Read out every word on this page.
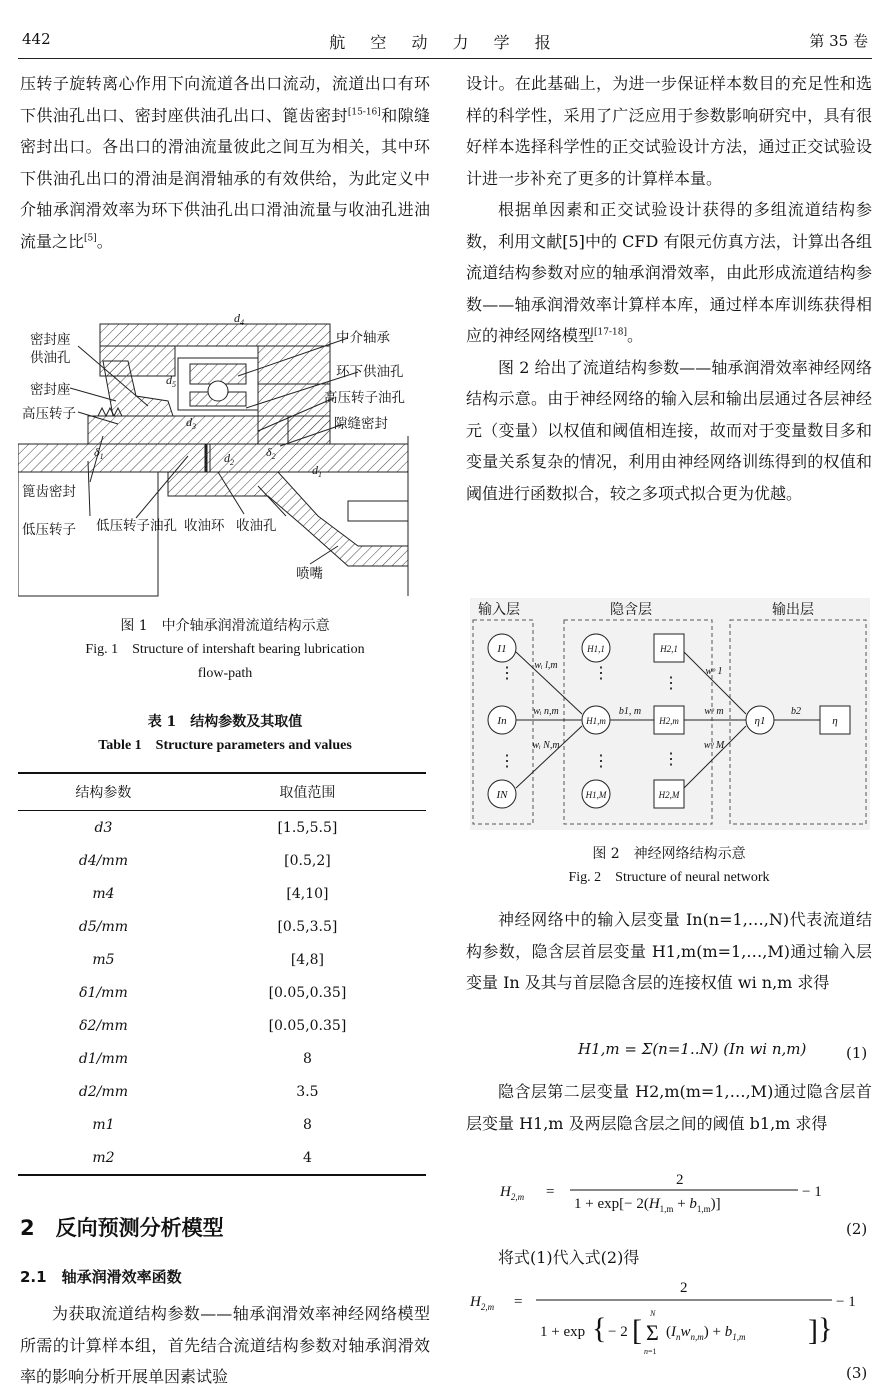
442	航 空 动 力 学 报	第 35 卷

压转子旋转离心作用下向流道各出口流动，流道出口有环下供油孔出口、密封座供油孔出口、篦齿密封[15-16]和隙缝密封出口。各出口的滑油流量彼此之间互为相关，其中环下供油孔出口的滑油是润滑轴承的有效供给，为此定义中介轴承润滑效率为环下供油孔出口滑油流量与收油孔进油流量之比[5]。

密封座
供油孔
密封座
高压转子
篦齿密封
低压转子
中介轴承
环下供油孔
高压转子油孔
隙缝密封
低压转子油孔 收油环 收油孔
喷嘴
$d_4$
$d_5$
$d_3$
$d_2$
$d_1$
$\delta_1$	$\delta_2$
图 1　中介轴承润滑流道结构示意
Fig. 1　Structure of intershaft bearing lubrication
flow-path
表 1　结构参数及其取值
Table 1　Structure parameters and values
结构参数	取值范围
d3	[1.5,5.5]
d4/mm	[0.5,2]
m4	[4,10]
d5/mm	[0.5,3.5]
m5	[4,8]
δ1/mm	[0.05,0.35]
δ2/mm	[0.05,0.35]
d1/mm	8
d2/mm	3.5
m1	8
m2	4
2　反向预测分析模型
2.1　轴承润滑效率函数

为获取流道结构参数——轴承润滑效率神经网络模型所需的计算样本组，首先结合流道结构参数对轴承润滑效率的影响分析开展单因素试验

设计。在此基础上，为进一步保证样本数目的充足性和选样的科学性，采用了广泛应用于参数影响研究中，具有很好样本选择科学性的正交试验设计方法，通过正交试验设计进一步补充了更多的计算样本量。

根据单因素和正交试验设计获得的多组流道结构参数，利用文献[5]中的 CFD 有限元仿真方法，计算出各组流道结构参数对应的轴承润滑效率，由此形成流道结构参数——轴承润滑效率计算样本库，通过样本库训练获得相应的神经网络模型[17-18]。

图 2 给出了流道结构参数——轴承润滑效率神经网络结构示意。由于神经网络的输入层和输出层通过各层神经元（变量）以权值和阈值相连接，故而对于变量数目多和变量关系复杂的情况，利用由神经网络训练得到的权值和阈值进行函数拟合，较之多项式拟合更为优越。

输入层	隐含层	输出层
⋮
⋮
⋮
⋮
⋮
⋮
I1
In
IN
H1,1
H1,m
H1,M
H2,1
H2,m
H2,M
η1	η
wᵢ l,m
wᵢ n,m
wᵢ N,m
b1, m
wᵒ 1
wᵒ m
wᵒ M
b2
图 2　神经网络结构示意
Fig. 2　Structure of neural network

神经网络中的输入层变量 In(n=1,…,N)代表流道结构参数，隐含层首层变量 H1,m(m=1,…,M)通过输入层变量 In 及其与首层隐含层的连接权值 wi n,m 求得

H1,m = Σ(n=1..N) (In wi n,m)	(1)

隐含层第二层变量 H2,m(m=1,…,M)通过隐含层首层变量 H1,m 及两层隐含层之间的阈值 b1,m 求得

$H_{2,m}$ =
2
$1 + \exp[- 2(H_{1,m} + b_{1,m})]$
− 1
(2)

将式(1)代入式(2)得

$H_{2,m}$ =
2
1 + exp { − 2 [ Σ
N
n=1
$(I_nw_{n,m}) + b_{1,m}$ ] }
− 1
(3)
